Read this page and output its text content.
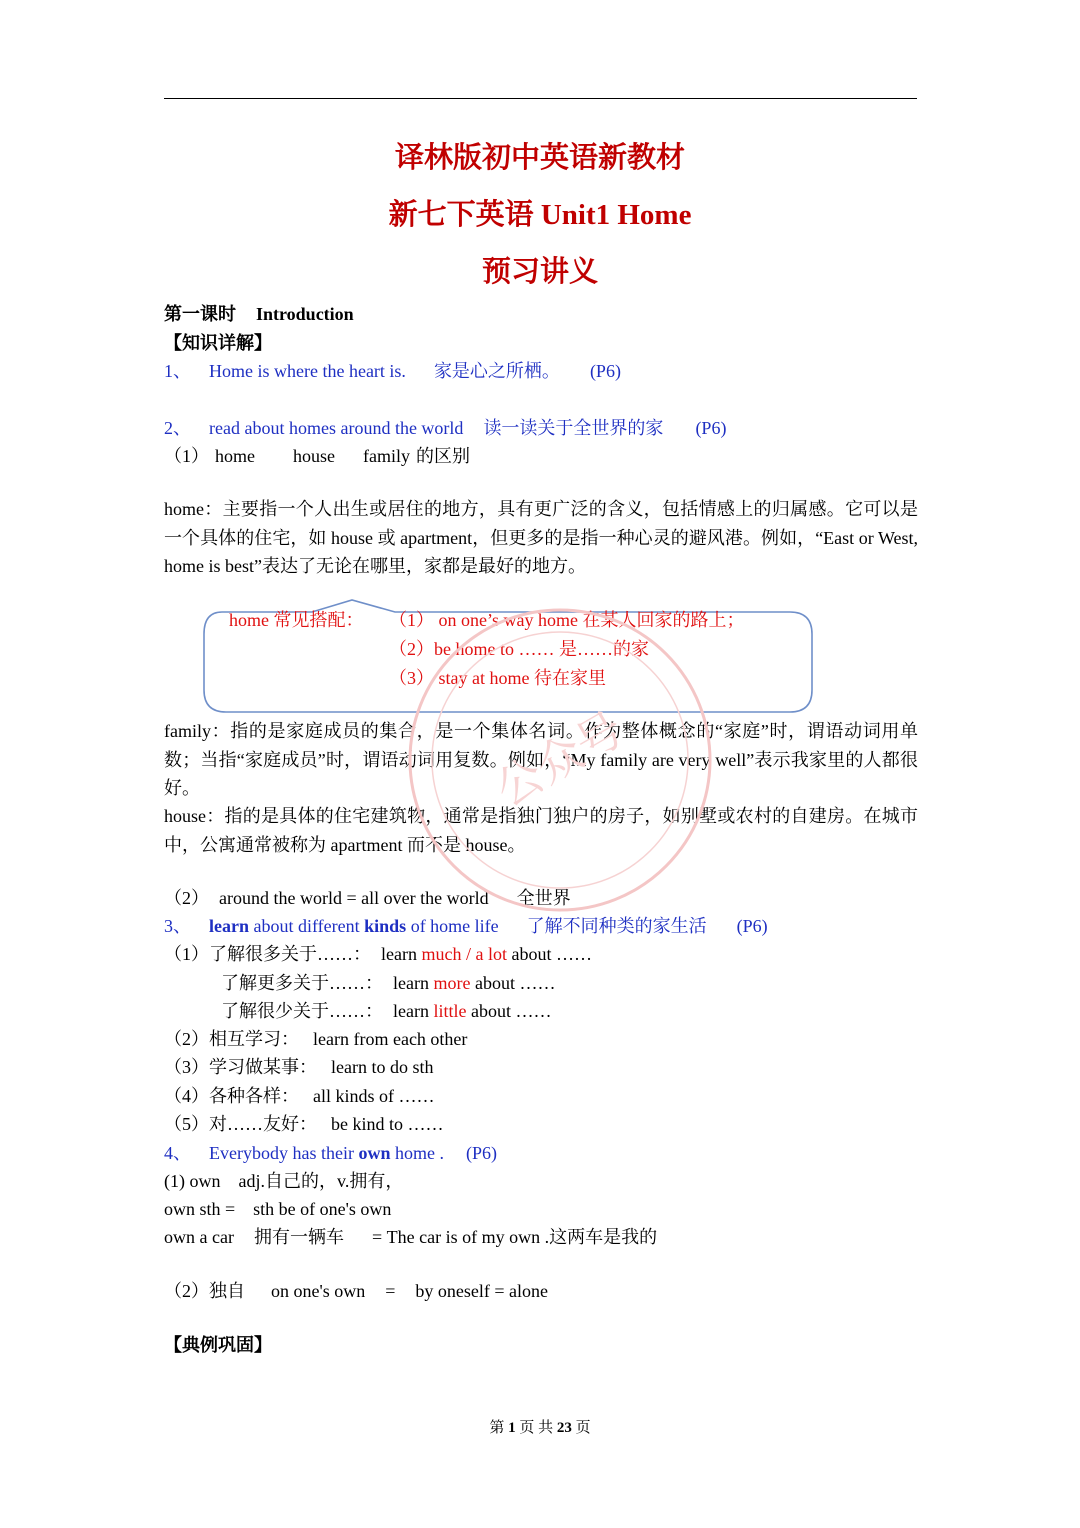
译林版初中英语新教材
新七下英语 Unit1 Home
预习讲义
第一课时 Introduction
【知识详解】
1、 Home is where the heart is. 家是心之所栖。 (P6)
2、 read about homes around the world 读一读关于全世界的家 (P6)
（1） home house family 的区别
home：主要指一个人出生或居住的地方，具有更广泛的含义，包括情感上的归属感。它可以是一个具体的住宅，如 house 或 apartment，但更多的是指一种心灵的避风港。例如，“East or West, home is best”表达了无论在哪里，家都是最好的地方。
home 常见搭配： （1） on one’s way home 在某人回家的路上；
（2）be home to …… 是……的家
（3） stay at home 待在家里
family：指的是家庭成员的集合，是一个集体名词。作为整体概念的“家庭”时，谓语动词用单数；当指“家庭成员”时，谓语动词用复数。例如，“My family are very well”表示我家里的人都很好。
house：指的是具体的住宅建筑物，通常是指独门独户的房子，如别墅或农村的自建房。在城市中，公寓通常被称为 apartment 而不是 house。
（2） around the world = all over the world 全世界
3、 learn about different kinds of home life 了解不同种类的家生活 (P6)
（1）了解很多关于……： learn much / a lot about ……
了解更多关于……： learn more about ……
了解很少关于……： learn little about ……
（2）相互学习： learn from each other
（3）学习做某事： learn to do sth
（4）各种各样： all kinds of ……
（5）对……友好： be kind to ……
4、 Everybody has their own home . (P6)
(1) own adj.自己的，v.拥有，
own sth = sth be of one's own
own a car 拥有一辆车 = The car is of my own .这两车是我的
（2）独自 on one's own = by oneself = alone
【典例巩固】
公众号
第 1 页 共 23 页
